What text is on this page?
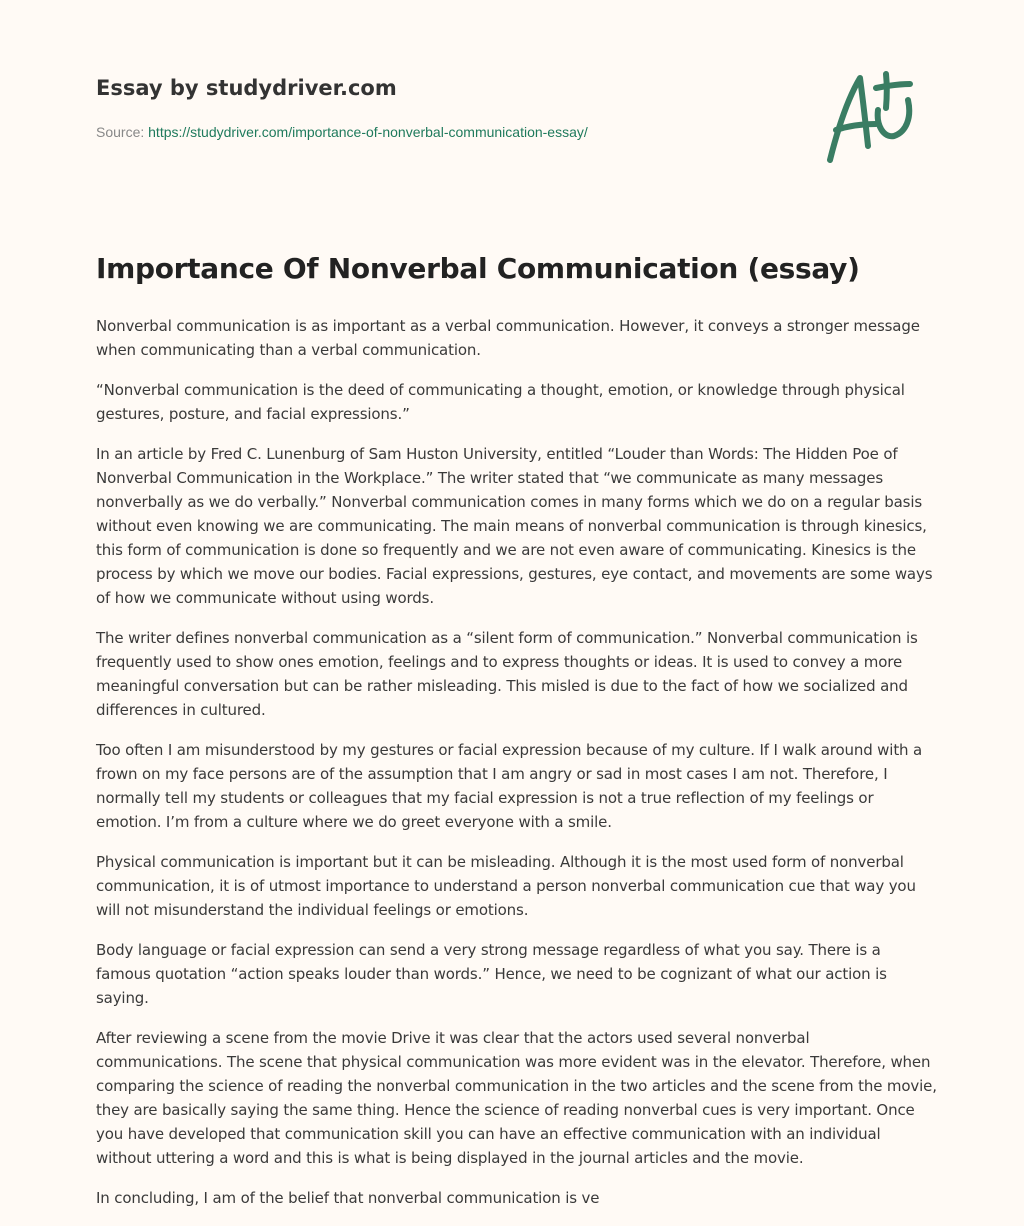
Essay by studydriver.com
Source: https://studydriver.com/importance-of-nonverbal-communication-essay/
Importance Of Nonverbal Communication (essay)

Nonverbal communication is as important as a verbal communication. However, it conveys a stronger message
when communicating than a verbal communication.

“Nonverbal communication is the deed of communicating a thought, emotion, or knowledge through physical
gestures, posture, and facial expressions.”

In an article by Fred C. Lunenburg of Sam Huston University, entitled “Louder than Words: The Hidden Poe of
Nonverbal Communication in the Workplace.” The writer stated that “we communicate as many messages
nonverbally as we do verbally.” Nonverbal communication comes in many forms which we do on a regular basis
without even knowing we are communicating. The main means of nonverbal communication is through kinesics,
this form of communication is done so frequently and we are not even aware of communicating. Kinesics is the
process by which we move our bodies. Facial expressions, gestures, eye contact, and movements are some ways
of how we communicate without using words.

The writer defines nonverbal communication as a “silent form of communication.” Nonverbal communication is
frequently used to show ones emotion, feelings and to express thoughts or ideas. It is used to convey a more
meaningful conversation but can be rather misleading. This misled is due to the fact of how we socialized and
differences in cultured.

Too often I am misunderstood by my gestures or facial expression because of my culture. If I walk around with a
frown on my face persons are of the assumption that I am angry or sad in most cases I am not. Therefore, I
normally tell my students or colleagues that my facial expression is not a true reflection of my feelings or
emotion. I’m from a culture where we do greet everyone with a smile.

Physical communication is important but it can be misleading. Although it is the most used form of nonverbal
communication, it is of utmost importance to understand a person nonverbal communication cue that way you
will not misunderstand the individual feelings or emotions.

Body language or facial expression can send a very strong message regardless of what you say. There is a
famous quotation “action speaks louder than words.” Hence, we need to be cognizant of what our action is
saying.

After reviewing a scene from the movie Drive it was clear that the actors used several nonverbal
communications. The scene that physical communication was more evident was in the elevator. Therefore, when
comparing the science of reading the nonverbal communication in the two articles and the scene from the movie,
they are basically saying the same thing. Hence the science of reading nonverbal cues is very important. Once
you have developed that communication skill you can have an effective communication with an individual
without uttering a word and this is what is being displayed in the journal articles and the movie.

In concluding, I am of the belief that nonverbal communication is ve
